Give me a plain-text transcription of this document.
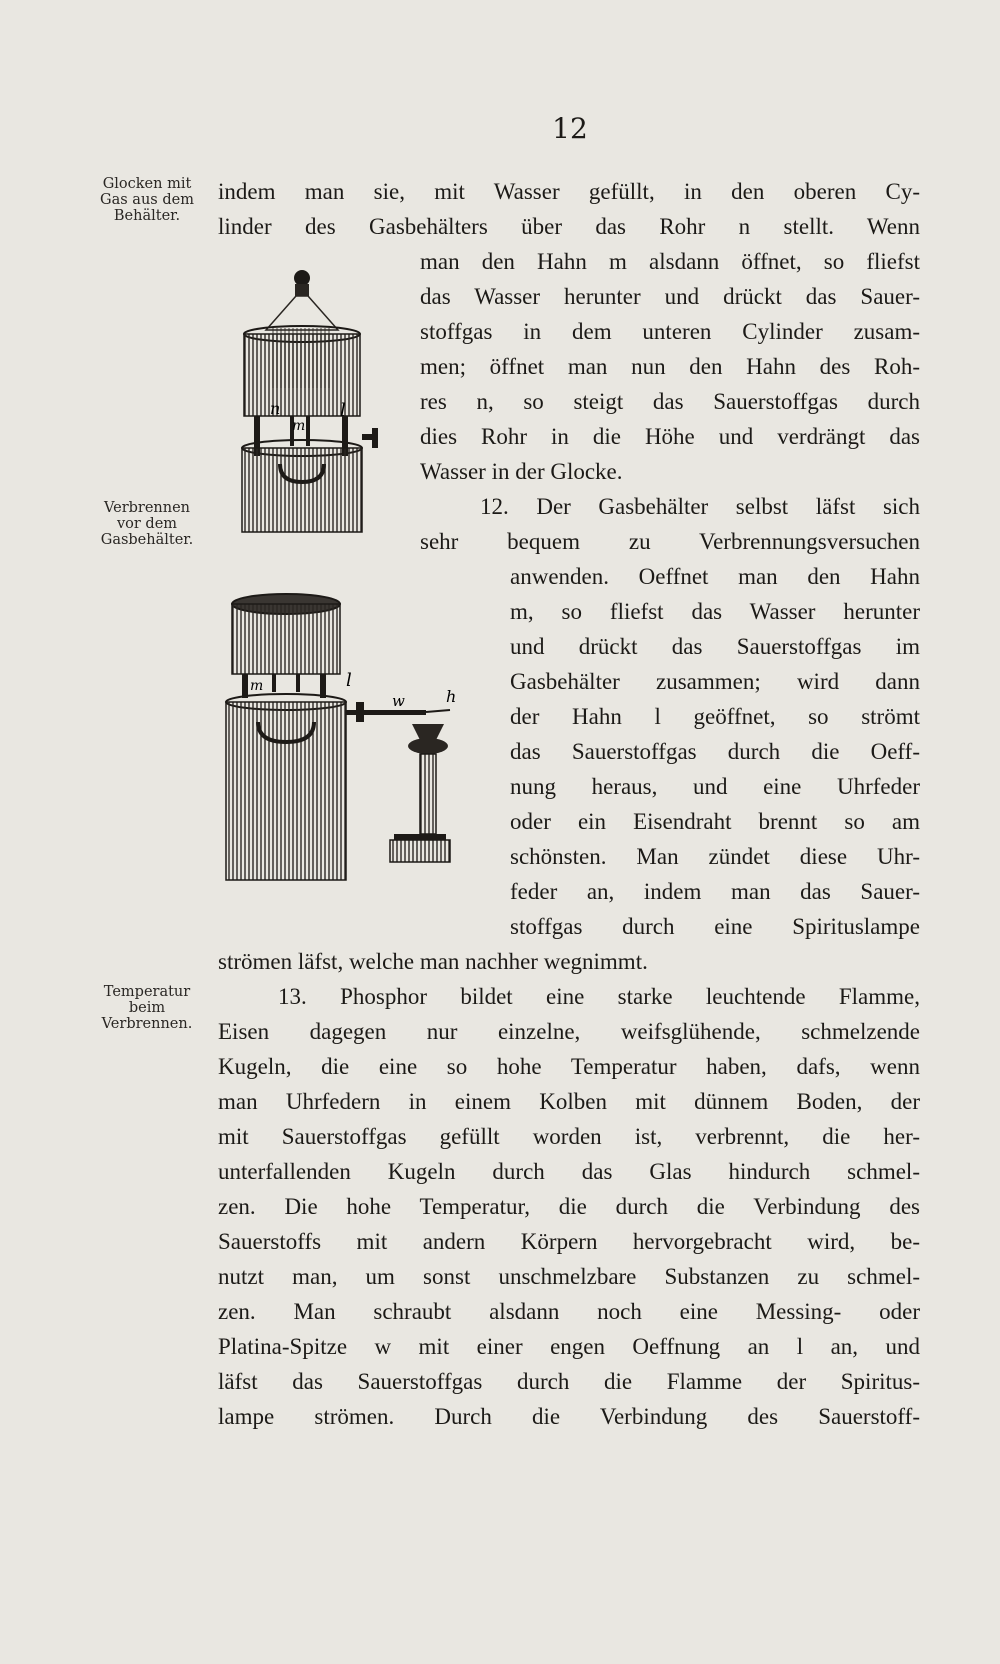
12
Glocken mit
Gas aus dem
Behälter.
Verbrennen
vor dem
Gasbehälter.
Temperatur
beim
Verbrennen.

indem man sie, mit Wasser gefüllt, in den oberen Cy-

linder des Gasbehälters über das Rohr n stellt. Wenn

man den Hahn m alsdann öffnet, so fliefst

das Wasser herunter und drückt das Sauer-

stoffgas in dem unteren Cylinder zusam-

men; öffnet man nun den Hahn des Roh-

res n, so steigt das Sauerstoffgas durch

dies Rohr in die Höhe und verdrängt das

Wasser in der Glocke.

12. Der Gasbehälter selbst läfst sich

sehr bequem zu Verbrennungsversuchen

anwenden. Oeffnet man den Hahn

m, so fliefst das Wasser herunter

und drückt das Sauerstoffgas im

Gasbehälter zusammen; wird dann

der Hahn l geöffnet, so strömt

das Sauerstoffgas durch die Oeff-

nung heraus, und eine Uhrfeder

oder ein Eisendraht brennt so am

schönsten. Man zündet diese Uhr-

feder an, indem man das Sauer-

stoffgas durch eine Spirituslampe

strömen läfst, welche man nachher wegnimmt.

13. Phosphor bildet eine starke leuchtende Flamme,

Eisen dagegen nur einzelne, weifsglühende, schmelzende

Kugeln, die eine so hohe Temperatur haben, dafs, wenn

man Uhrfedern in einem Kolben mit dünnem Boden, der

mit Sauerstoffgas gefüllt worden ist, verbrennt, die her-

unterfallenden Kugeln durch das Glas hindurch schmel-

zen. Die hohe Temperatur, die durch die Verbindung des

Sauerstoffs mit andern Körpern hervorgebracht wird, be-

nutzt man, um sonst unschmelzbare Substanzen zu schmel-

zen. Man schraubt alsdann noch eine Messing- oder

Platina-Spitze w mit einer engen Oeffnung an l an, und

läfst das Sauerstoffgas durch die Flamme der Spiritus-

lampe strömen. Durch die Verbindung des Sauerstoff-

n
m
l
m	l
w	h
